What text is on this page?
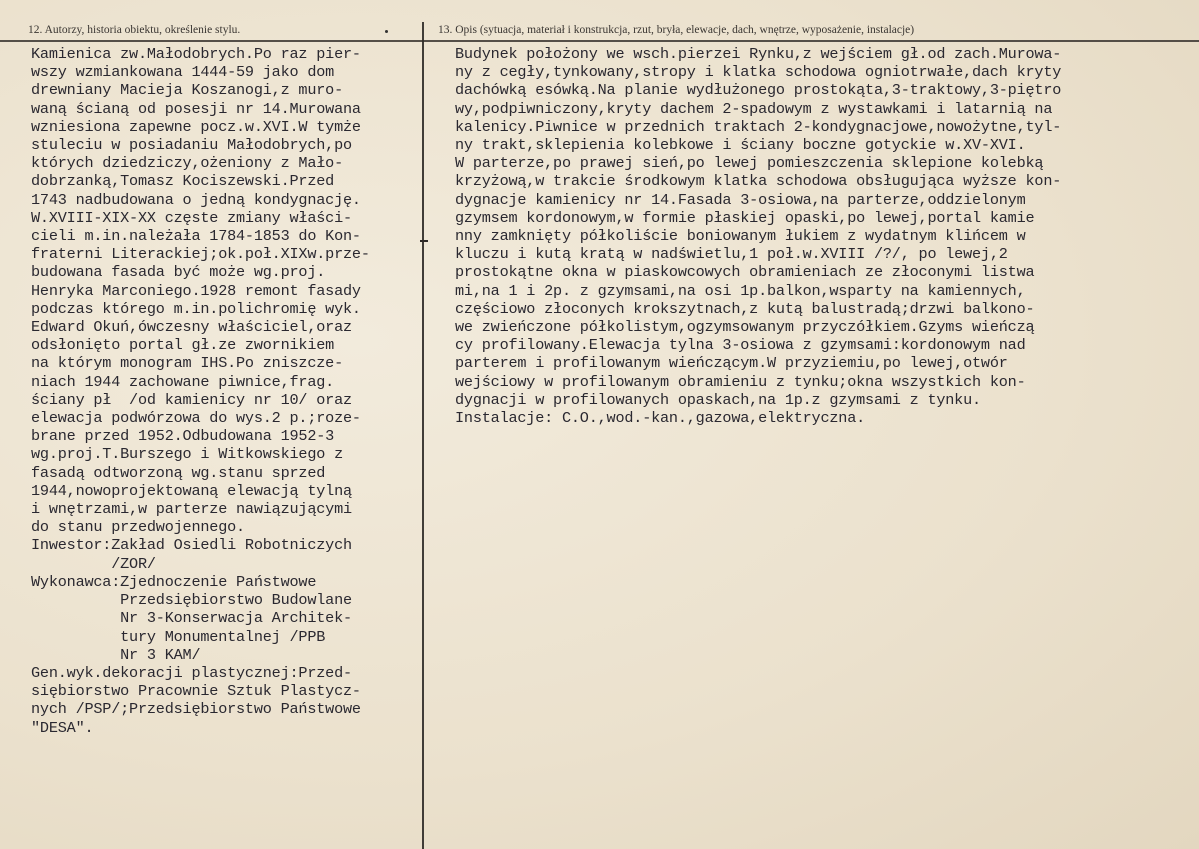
12. Autorzy, historia obiektu, określenie stylu.	13. Opis (sytuacja, materiał i konstrukcja, rzut, bryła, elewacje, dach, wnętrze, wyposażenie, instalacje)
Kamienica zw.Małodobrych.Po raz pier-
wszy wzmiankowana 1444-59 jako dom
drewniany Macieja Koszanogi,z muro-
waną ścianą od posesji nr 14.Murowana
wzniesiona zapewne pocz.w.XVI.W tymże
stuleciu w posiadaniu Małodobrych,po
których dziedziczy,ożeniony z Mało-
dobrzanką,Tomasz Kociszewski.Przed
1743 nadbudowana o jedną kondygnację.
W.XVIII-XIX-XX częste zmiany właści-
cieli m.in.należała 1784-1853 do Kon-
fraterni Literackiej;ok.poł.XIXw.prze-
budowana fasada być może wg.proj.
Henryka Marconiego.1928 remont fasady
podczas którego m.in.polichromię wyk.
Edward Okuń,ówczesny właściciel,oraz
odsłonięto portal gł.ze zwornikiem
na którym monogram IHS.Po zniszcze-
niach 1944 zachowane piwnice,frag.
ściany pł  /od kamienicy nr 10/ oraz
elewacja podwórzowa do wys.2 p.;roze-
brane przed 1952.Odbudowana 1952-3
wg.proj.T.Burszego i Witkowskiego z
fasadą odtworzoną wg.stanu sprzed
1944,nowoprojektowaną elewacją tylną
i wnętrzami,w parterze nawiązującymi
do stanu przedwojennego.
Inwestor:Zakład Osiedli Robotniczych
/ZOR/
Wykonawca:Zjednoczenie Państwowe
Przedsiębiorstwo Budowlane
Nr 3-Konserwacja Architek-
tury Monumentalnej /PPB
Nr 3 KAM/
Gen.wyk.dekoracji plastycznej:Przed-
siębiorstwo Pracownie Sztuk Plastycz-
nych /PSP/;Przedsiębiorstwo Państwowe
"DESA".
Budynek położony we wsch.pierzei Rynku,z wejściem gł.od zach.Murowa-
ny z cegły,tynkowany,stropy i klatka schodowa ogniotrwałe,dach kryty
dachówką esówką.Na planie wydłużonego prostokąta,3-traktowy,3-piętro
wy,podpiwniczony,kryty dachem 2-spadowym z wystawkami i latarnią na
kalenicy.Piwnice w przednich traktach 2-kondygnacjowe,nowożytne,tyl-
ny trakt,sklepienia kolebkowe i ściany boczne gotyckie w.XV-XVI.
W parterze,po prawej sień,po lewej pomieszczenia sklepione kolebką
krzyżową,w trakcie środkowym klatka schodowa obsługująca wyższe kon-
dygnacje kamienicy nr 14.Fasada 3-osiowa,na parterze,oddzielonym
gzymsem kordonowym,w formie płaskiej opaski,po lewej,portal kamie
nny zamknięty półkoliście boniowanym łukiem z wydatnym klińcem w
kluczu i kutą kratą w nadświetlu,1 poł.w.XVIII /?/, po lewej,2
prostokątne okna w piaskowcowych obramieniach ze złoconymi listwa
mi,na 1 i 2p. z gzymsami,na osi 1p.balkon,wsparty na kamiennych,
częściowo złoconych krokszytnach,z kutą balustradą;drzwi balkono-
we zwieńczone półkolistym,ogzymsowanym przyczółkiem.Gzyms wieńczą
cy profilowany.Elewacja tylna 3-osiowa z gzymsami:kordonowym nad
parterem i profilowanym wieńczącym.W przyziemiu,po lewej,otwór
wejściowy w profilowanym obramieniu z tynku;okna wszystkich kon-
dygnacji w profilowanych opaskach,na 1p.z gzymsami z tynku.
Instalacje: C.O.,wod.-kan.,gazowa,elektryczna.
